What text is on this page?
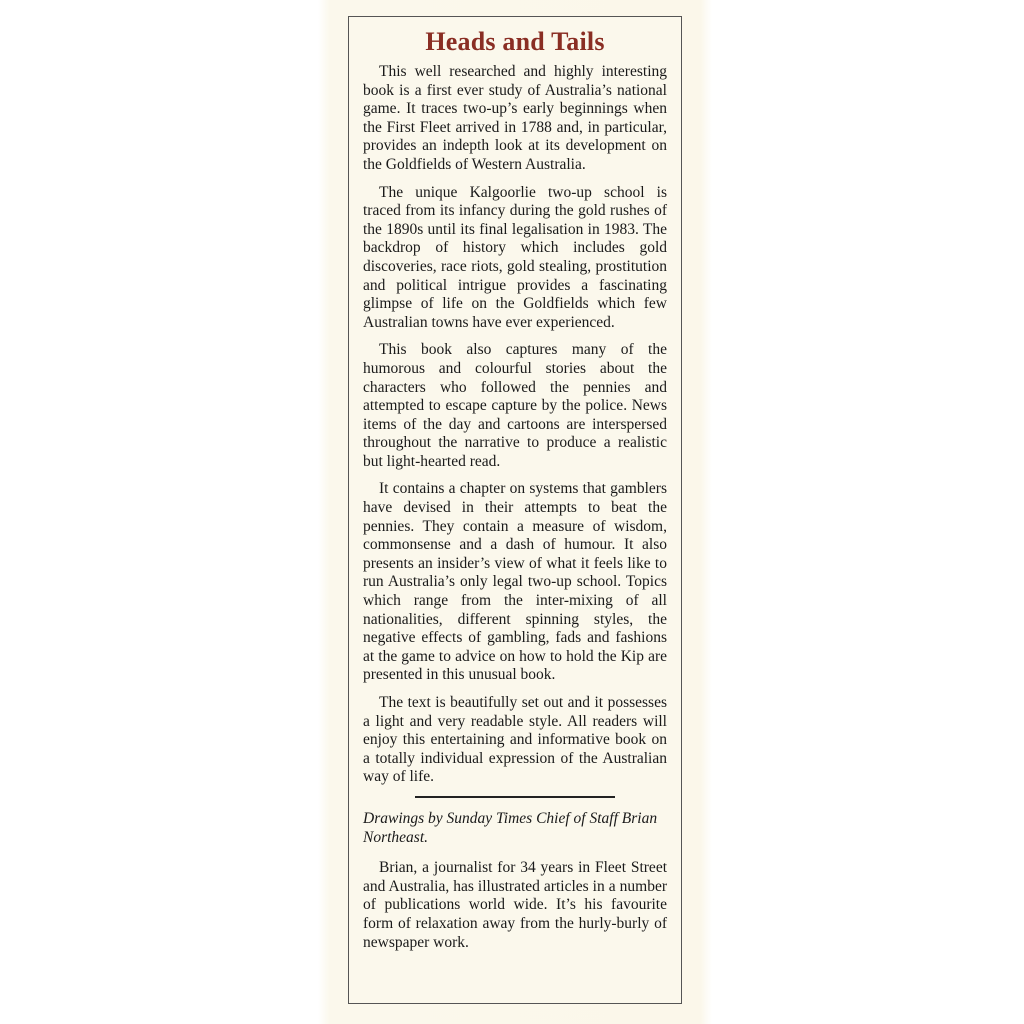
Heads and Tails

This well researched and highly interesting book is a first ever study of Australia’s national game. It traces two-up’s early beginnings when the First Fleet arrived in 1788 and, in particular, provides an indepth look at its development on the Goldfields of Western Australia.

The unique Kalgoorlie two-up school is traced from its infancy during the gold rushes of the 1890s until its final legalisation in 1983. The backdrop of history which includes gold discoveries, race riots, gold stealing, prostitution and political intrigue provides a fascinating glimpse of life on the Goldfields which few Australian towns have ever experienced.

This book also captures many of the humorous and colourful stories about the characters who followed the pennies and attempted to escape capture by the police. News items of the day and cartoons are interspersed throughout the narrative to produce a realistic but light-hearted read.

It contains a chapter on systems that gamblers have devised in their attempts to beat the pennies. They contain a measure of wisdom, commonsense and a dash of humour. It also presents an insider’s view of what it feels like to run Australia’s only legal two-up school. Topics which range from the inter-mixing of all nationalities, different spinning styles, the negative effects of gambling, fads and fashions at the game to advice on how to hold the Kip are presented in this unusual book.

The text is beautifully set out and it possesses a light and very readable style. All readers will enjoy this entertaining and informative book on a totally individual expression of the Australian way of life.

Drawings by Sunday Times Chief of Staff Brian Northeast.

Brian, a journalist for 34 years in Fleet Street and Australia, has illustrated articles in a number of publications world wide. It’s his favourite form of relaxation away from the hurly-burly of newspaper work.
